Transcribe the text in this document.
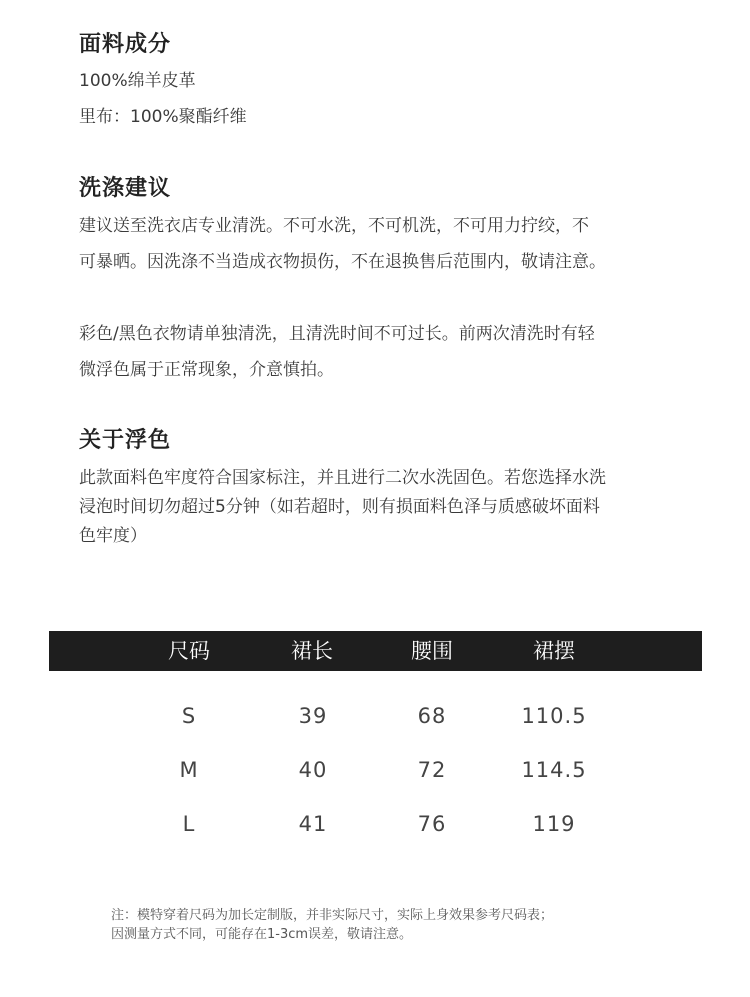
面料成分
100%绵羊皮革
里布：100%聚酯纤维
洗涤建议
建议送至洗衣店专业清洗。不可水洗，不可机洗，不可用力拧绞，不
可暴晒。因洗涤不当造成衣物损伤，不在退换售后范围内，敬请注意。
彩色/黑色衣物请单独清洗，且清洗时间不可过长。前两次清洗时有轻
微浮色属于正常现象，介意慎拍。
关于浮色
此款面料色牢度符合国家标注，并且进行二次水洗固色。若您选择水洗
浸泡时间切勿超过5分钟（如若超时，则有损面料色泽与质感破坏面料
色牢度）
尺码	裙长	腰围	裙摆
S	39	68	110.5
M	40	72	114.5
L	41	76	119
注：模特穿着尺码为加长定制版，并非实际尺寸，实际上身效果参考尺码表；
因测量方式不同，可能存在1-3cm误差，敬请注意。
